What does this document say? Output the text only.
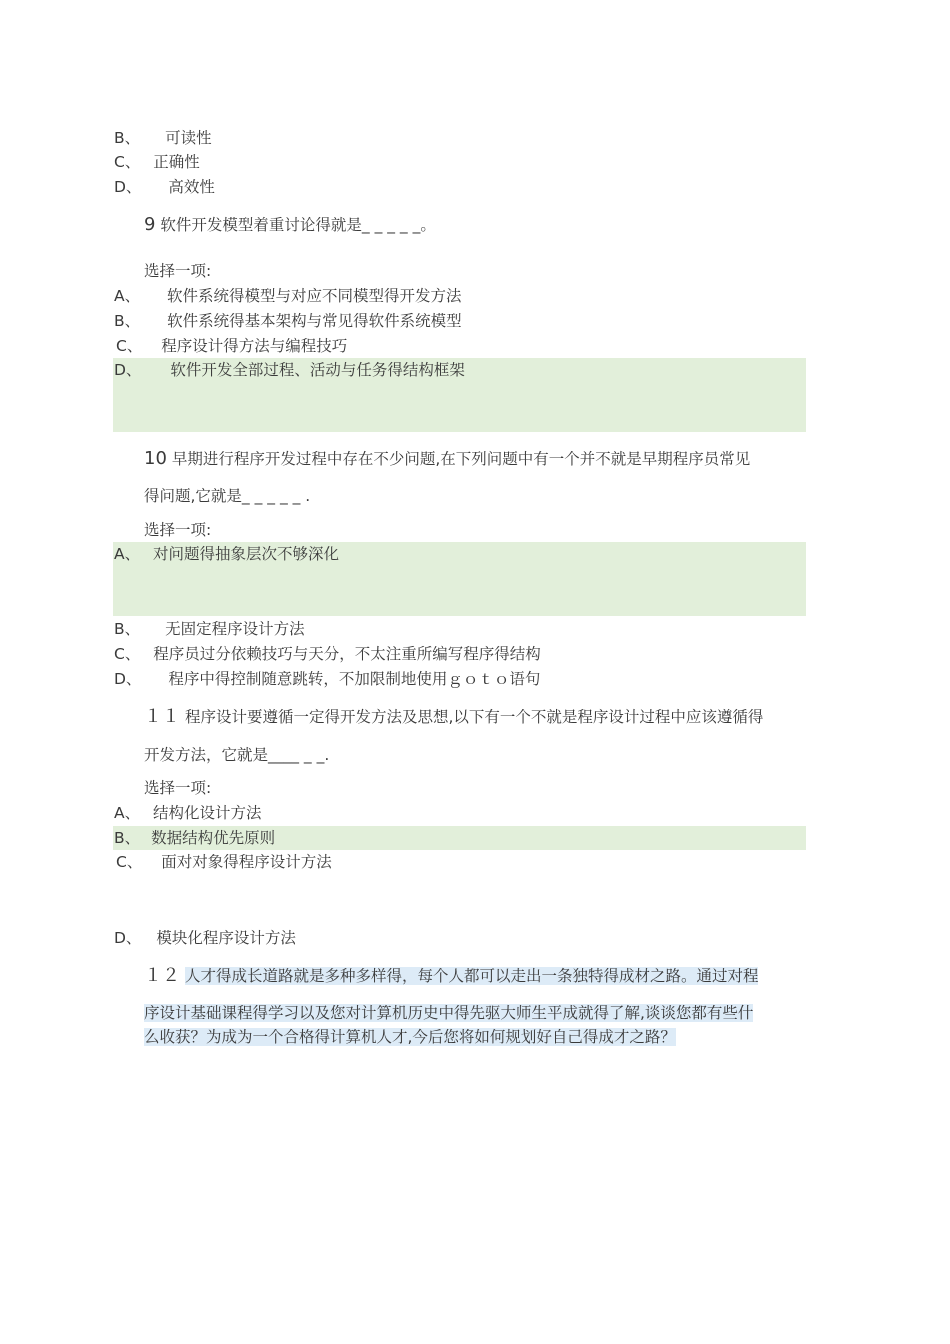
B、 可读性
C、 正确性
D、 高效性
9 软件开发模型着重讨论得就是_ _ _ _ _。
选择一项:
A、 软件系统得模型与对应不同模型得开发方法
B、 软件系统得基本架构与常见得软件系统模型
C、 程序设计得方法与编程技巧
D、 软件开发全部过程、活动与任务得结构框架
10 早期进行程序开发过程中存在不少问题,在下列问题中有一个并不就是早期程序员常见
得问题,它就是_ _ _ _ _ .
选择一项:
A、 对问题得抽象层次不够深化
B、 无固定程序设计方法
C、 程序员过分依赖技巧与天分，不太注重所编写程序得结构
D、 程序中得控制随意跳转，不加限制地使用ｇｏｔｏ语句
１１ 程序设计要遵循一定得开发方法及思想,以下有一个不就是程序设计过程中应该遵循得
开发方法，它就是____ _ _.
选择一项:
A、 结构化设计方法
B、 数据结构优先原则
C、 面对对象得程序设计方法
D、 模块化程序设计方法
１２ 人才得成长道路就是多种多样得，每个人都可以走出一条独特得成材之路。通过对程
序设计基础课程得学习以及您对计算机历史中得先驱大师生平成就得了解,谈谈您都有些什
么收获？为成为一个合格得计算机人才,今后您将如何规划好自己得成才之路？
